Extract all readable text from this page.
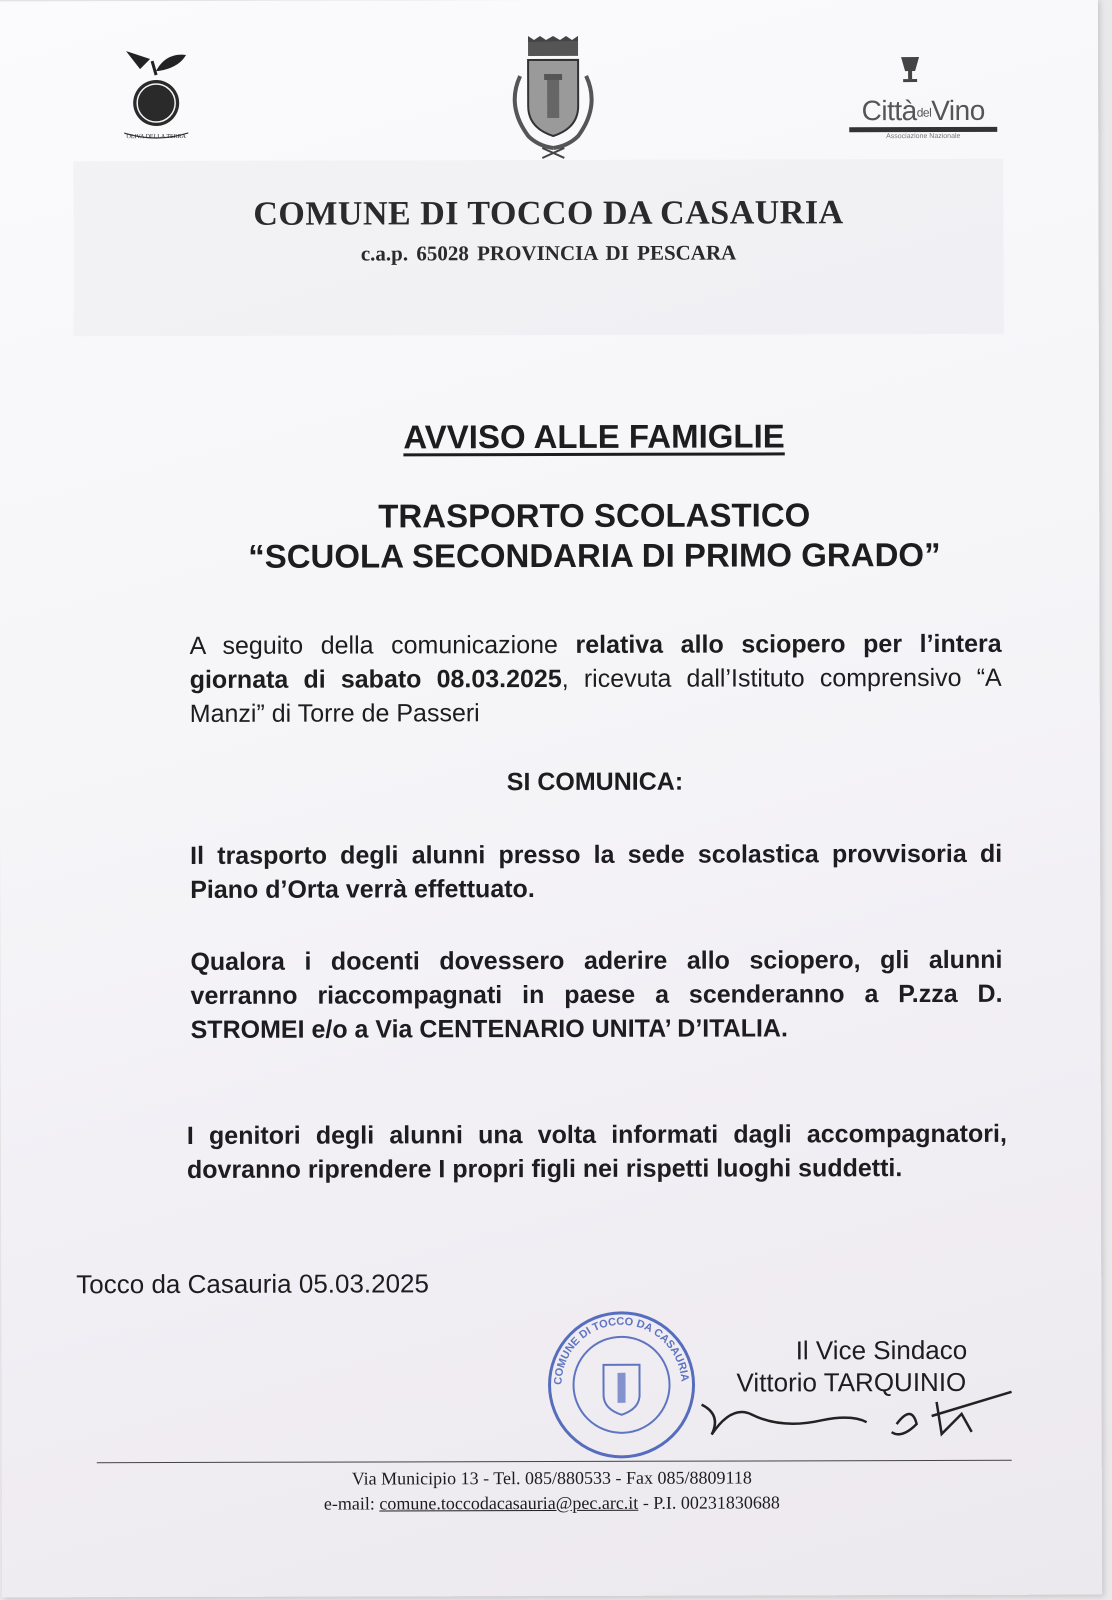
OLIVA DELLA TERRA
CittàdelVino
Associazione Nazionale
COMUNE DI TOCCO DA CASAURIA
c.a.p. 65028 PROVINCIA DI PESCARA
AVVISO ALLE FAMIGLIE
TRASPORTO SCOLASTICO
“SCUOLA SECONDARIA DI PRIMO GRADO”
A seguito della comunicazione relativa allo sciopero per l’intera giornata di sabato 08.03.2025, ricevuta dall’Istituto comprensivo “A Manzi” di Torre de Passeri
SI COMUNICA:
Il trasporto degli alunni presso la sede scolastica provvisoria di Piano d’Orta verrà effettuato.
Qualora i docenti dovessero aderire allo sciopero, gli alunni verranno riaccompagnati in paese a scenderanno a P.zza D. STROMEI e/o a Via CENTENARIO UNITA’ D’ITALIA.
I genitori degli alunni una volta informati dagli accompagnatori, dovranno riprendere I propri figli nei rispetti luoghi suddetti.
Tocco da Casauria 05.03.2025
Il Vice Sindaco
Vittorio TARQUINIO
COMUNE DI TOCCO DA CASAURIA
Via Municipio 13 - Tel. 085/880533 - Fax 085/8809118
e-mail: comune.toccodacasauria@pec.arc.it - P.I. 00231830688
